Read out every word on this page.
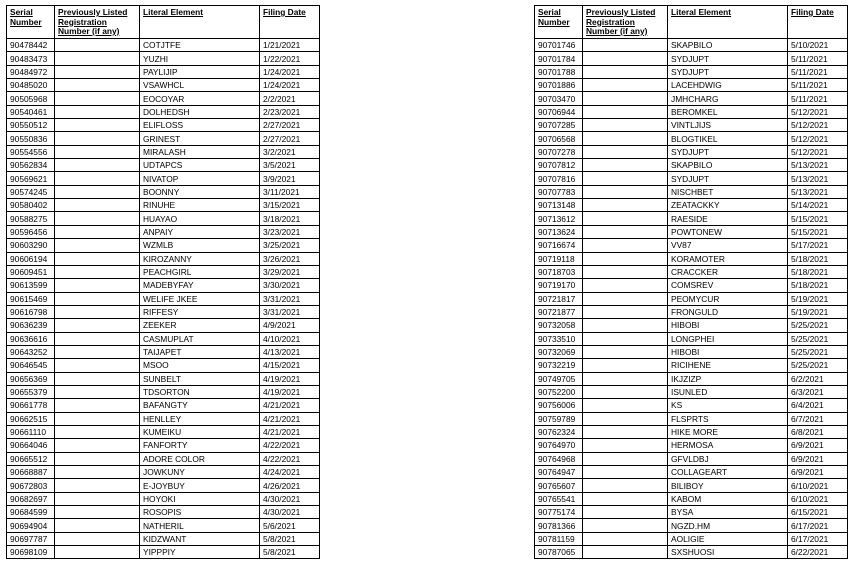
Serial Number	Previously Listed Registration Number (if any)	Literal Element	Filing Date
90478442		COTJTFE	1/21/2021
90483473		YUZHI	1/22/2021
90484972		PAYLIJIP	1/24/2021
90485020		VSAWHCL	1/24/2021
90505968		EOCOYAR	2/2/2021
90540461		DOLHEDSH	2/23/2021
90550512		ELIFLOSS	2/27/2021
90550836		GRINEST	2/27/2021
90554556		MIRALASH	3/2/2021
90562834		UDTAPCS	3/5/2021
90569621		NIVATOP	3/9/2021
90574245		BOONNY	3/11/2021
90580402		RINUHE	3/15/2021
90588275		HUAYAO	3/18/2021
90596456		ANPAIY	3/23/2021
90603290		WZMLB	3/25/2021
90606194		KIROZANNY	3/26/2021
90609451		PEACHGIRL	3/29/2021
90613599		MADEBYFAY	3/30/2021
90615469		WELIFE JKEE	3/31/2021
90616798		RIFFESY	3/31/2021
90636239		ZEEKER	4/9/2021
90636616		CASMUPLAT	4/10/2021
90643252		TAIJAPET	4/13/2021
90646545		MSOO	4/15/2021
90656369		SUNBELT	4/19/2021
90655379		TDSORTON	4/19/2021
90661778		BAFANGTY	4/21/2021
90662515		HENLLEY	4/21/2021
90661110		KUMEIKU	4/21/2021
90664046		FANFORTY	4/22/2021
90665512		ADORE COLOR	4/22/2021
90668887		JOWKUNY	4/24/2021
90672803		E-JOYBUY	4/26/2021
90682697		HOYOKI	4/30/2021
90684599		ROSOPIS	4/30/2021
90694904		NATHERIL	5/6/2021
90697787		KIDZWANT	5/8/2021
90698109		YIPPPIY	5/8/2021
Serial Number	Previously Listed Registration Number (if any)	Literal Element	Filing Date
90701746		SKAPBILO	5/10/2021
90701784		SYDJUPT	5/11/2021
90701788		SYDJUPT	5/11/2021
90701886		LACEHDWIG	5/11/2021
90703470		JMHCHARG	5/11/2021
90706944		BEROMKEL	5/12/2021
90707285		VINTLJIJS	5/12/2021
90706568		BLOGTIKEL	5/12/2021
90707278		SYDJUPT	5/12/2021
90707812		SKAPBILO	5/13/2021
90707816		SYDJUPT	5/13/2021
90707783		NISCHBET	5/13/2021
90713148		ZEATACKKY	5/14/2021
90713612		RAESIDE	5/15/2021
90713624		POWTONEW	5/15/2021
90716674		VV87	5/17/2021
90719118		KORAMOTER	5/18/2021
90718703		CRACCKER	5/18/2021
90719170		COMSREV	5/18/2021
90721817		PEOMYCUR	5/19/2021
90721877		FRONGULD	5/19/2021
90732058		HIBOBI	5/25/2021
90733510		LONGPHEI	5/25/2021
90732069		HIBOBI	5/25/2021
90732219		RICIHENE	5/25/2021
90749705		IKJZIZP	6/2/2021
90752200		ISUNLED	6/3/2021
90756006		KS	6/4/2021
90759789		FLSPRTS	6/7/2021
90762324		HIKE MORE	6/8/2021
90764970		HERMOSA	6/9/2021
90764968		GFVLDBJ	6/9/2021
90764947		COLLAGEART	6/9/2021
90765607		BILIBOY	6/10/2021
90765541		KABOM	6/10/2021
90775174		BYSA	6/15/2021
90781366		NGZD.HM	6/17/2021
90781159		AOLIGIE	6/17/2021
90787065		SXSHUOSI	6/22/2021
